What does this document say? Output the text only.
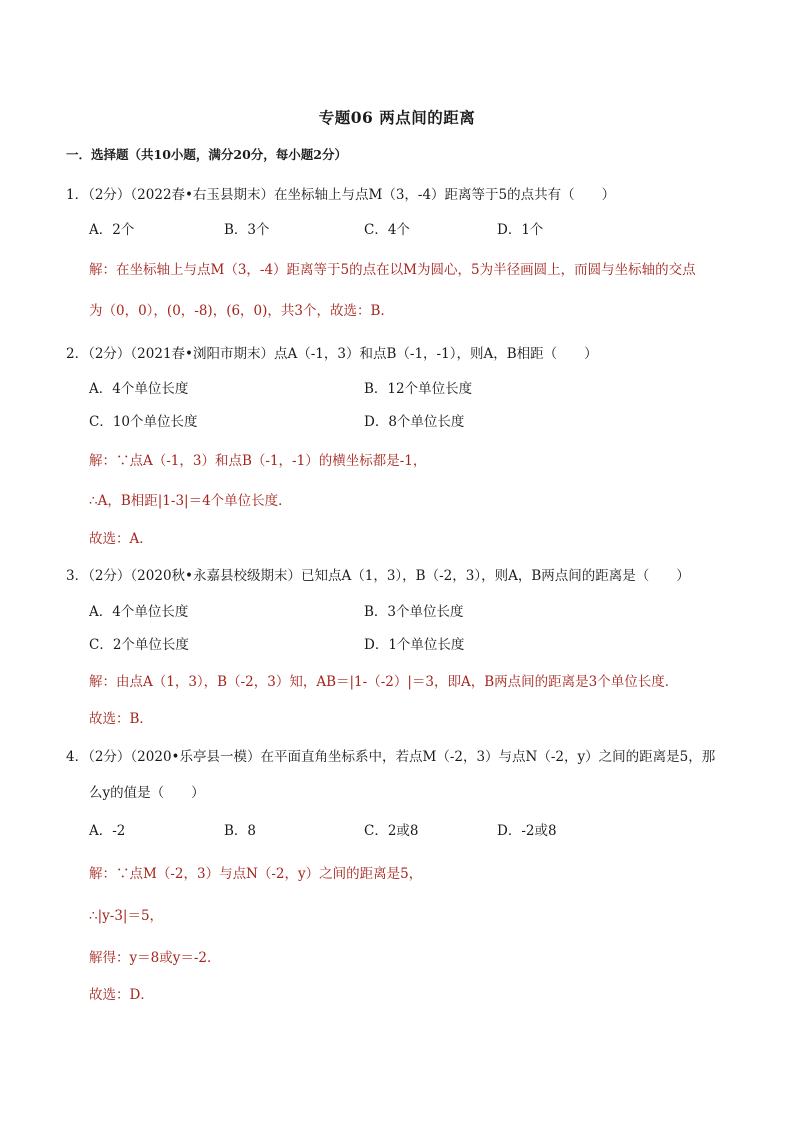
专题06 两点间的距离
一．选择题（共10小题，满分20分，每小题2分）
1．（2分）（2022春•右玉县期末）在坐标轴上与点M（3，-4）距离等于5的点共有（　　）
A．2个	B．3个	C．4个	D．1个
解：在坐标轴上与点M（3，-4）距离等于5的点在以M为圆心，5为半径画圆上，而圆与坐标轴的交点
为（0，0），(0，-8)，(6，0)，共3个，故选：B.
2．（2分）（2021春•浏阳市期末）点A（-1，3）和点B（-1，-1），则A，B相距（　　）
A．4个单位长度	B．12个单位长度
C．10个单位长度	D．8个单位长度
解：∵点A（-1，3）和点B（-1，-1）的横坐标都是-1，
∴A，B相距|1-3|＝4个单位长度．
故选：A．
3．（2分）（2020秋•永嘉县校级期末）已知点A（1，3），B（-2，3），则A，B两点间的距离是（　　）
A．4个单位长度	B．3个单位长度
C．2个单位长度	D．1个单位长度
解：由点A（1，3），B（-2，3）知，AB＝|1-（-2）|＝3，即A，B两点间的距离是3个单位长度．
故选：B．
4．（2分）（2020•乐亭县一模）在平面直角坐标系中，若点M（-2，3）与点N（-2，y）之间的距离是5，那
么y的值是（　　）
A．-2	B．8	C．2或8	D．-2或8
解：∵点M（-2，3）与点N（-2，y）之间的距离是5，
∴|y-3|＝5，
解得：y＝8或y＝-2．
故选：D．
